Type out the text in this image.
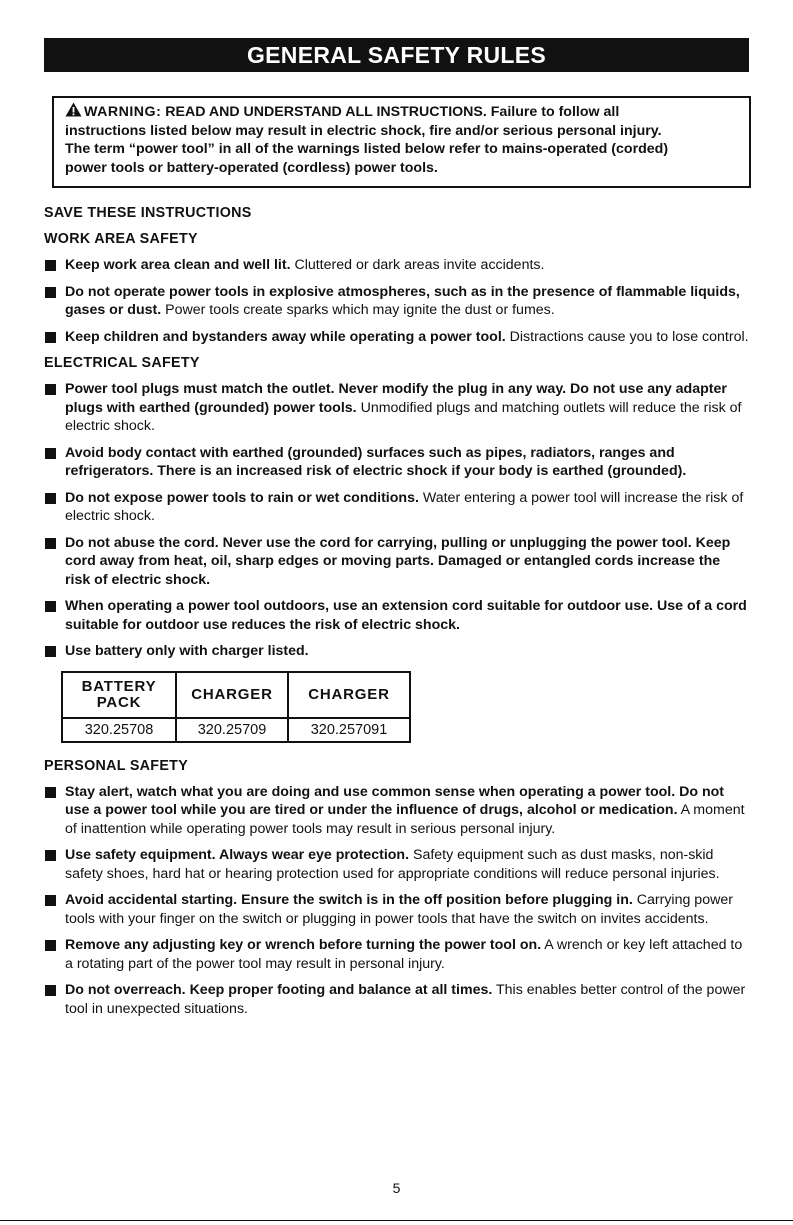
GENERAL SAFETY RULES

WARNING: READ AND UNDERSTAND ALL INSTRUCTIONS. Failure to follow all
instructions listed below may result in electric shock, fire and/or serious personal injury.
The term “power tool” in all of the warnings listed below refer to mains-operated (corded)
power tools or battery-operated (cordless) power tools.

SAVE THESE INSTRUCTIONS
WORK AREA SAFETY
Keep work area clean and well lit. Cluttered or dark areas invite accidents.
Do not operate power tools in explosive atmospheres, such as in the presence of flammable liquids, gases or dust. Power tools create sparks which may ignite the dust or fumes.
Keep children and bystanders away while operating a power tool. Distractions cause you to lose control.
ELECTRICAL SAFETY
Power tool plugs must match the outlet. Never modify the plug in any way. Do not use any adapter plugs with earthed (grounded) power tools. Unmodified plugs and matching outlets will reduce the risk of electric shock.
Avoid body contact with earthed (grounded) surfaces such as pipes, radiators, ranges and refrigerators. There is an increased risk of electric shock if your body is earthed (grounded).
Do not expose power tools to rain or wet conditions. Water entering a power tool will increase the risk of electric shock.
Do not abuse the cord. Never use the cord for carrying, pulling or unplugging the power tool. Keep cord away from heat, oil, sharp edges or moving parts. Damaged or entangled cords increase the risk of electric shock.
When operating a power tool outdoors, use an extension cord suitable for outdoor use. Use of a cord suitable for outdoor use reduces the risk of electric shock.
Use battery only with charger listed.
BATTERY
PACK	CHARGER	CHARGER
320.25708	320.25709	320.257091
PERSONAL SAFETY
Stay alert, watch what you are doing and use common sense when operating a power tool. Do not use a power tool while you are tired or under the influence of drugs, alcohol or medication. A moment of inattention while operating power tools may result in serious personal injury.
Use safety equipment. Always wear eye protection. Safety equipment such as dust masks, non-skid safety shoes, hard hat or hearing protection used for appropriate conditions will reduce personal injuries.
Avoid accidental starting. Ensure the switch is in the off position before plugging in. Carrying power tools with your finger on the switch or plugging in power tools that have the switch on invites accidents.
Remove any adjusting key or wrench before turning the power tool on. A wrench or key left attached to a rotating part of the power tool may result in personal injury.
Do not overreach. Keep proper footing and balance at all times. This enables better control of the power tool in unexpected situations.
5
